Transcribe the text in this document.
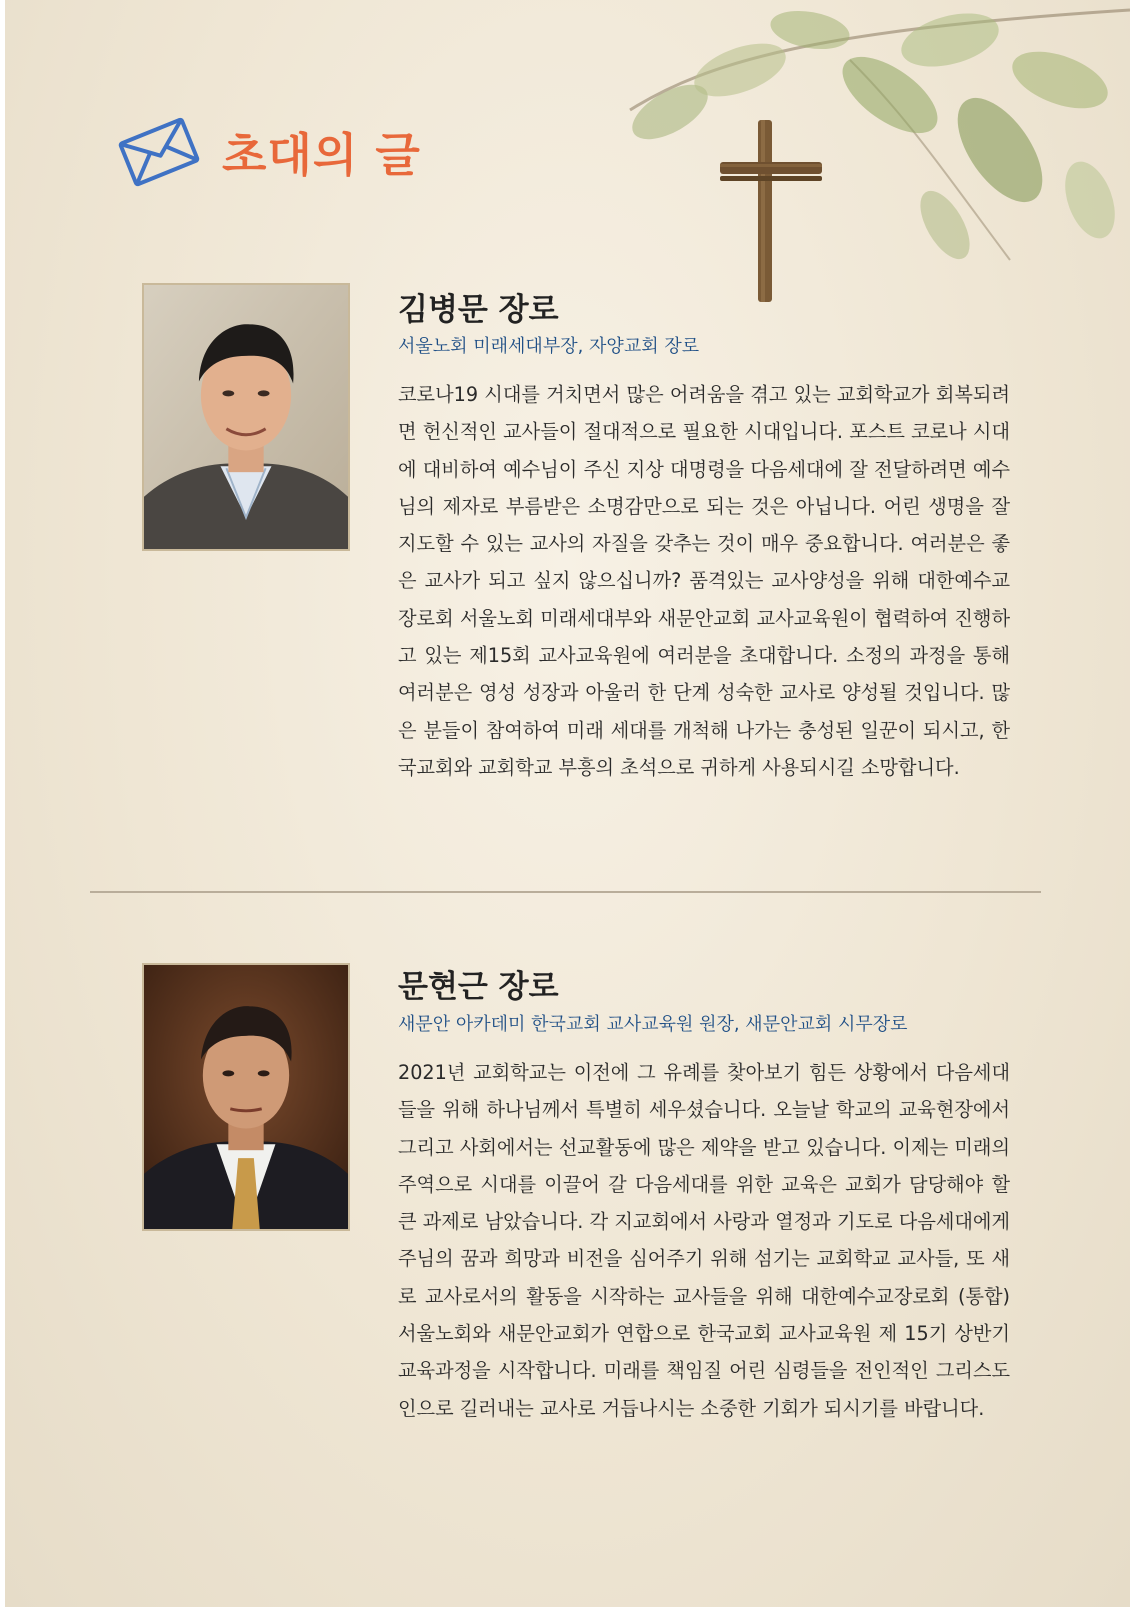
초대의 글
김병문 장로
서울노회 미래세대부장, 자양교회 장로

코로나19 시대를 거치면서 많은 어려움을 겪고 있는 교회학교가 회복되려면 헌신적인 교사들이 절대적으로 필요한 시대입니다. 포스트 코로나 시대에 대비하여 예수님이 주신 지상 대명령을 다음세대에 잘 전달하려면 예수님의 제자로 부름받은 소명감만으로 되는 것은 아닙니다. 어린 생명을 잘 지도할 수 있는 교사의 자질을 갖추는 것이 매우 중요합니다. 여러분은 좋은 교사가 되고 싶지 않으십니까? 품격있는 교사양성을 위해 대한예수교장로회 서울노회 미래세대부와 새문안교회 교사교육원이 협력하여 진행하고 있는 제15회 교사교육원에 여러분을 초대합니다. 소정의 과정을 통해 여러분은 영성 성장과 아울러 한 단계 성숙한 교사로 양성될 것입니다. 많은 분들이 참여하여 미래 세대를 개척해 나가는 충성된 일꾼이 되시고, 한국교회와 교회학교 부흥의 초석으로 귀하게 사용되시길 소망합니다.

문현근 장로
새문안 아카데미 한국교회 교사교육원 원장, 새문안교회 시무장로

2021년 교회학교는 이전에 그 유례를 찾아보기 힘든 상황에서 다음세대들을 위해 하나님께서 특별히 세우셨습니다. 오늘날 학교의 교육현장에서 그리고 사회에서는 선교활동에 많은 제약을 받고 있습니다. 이제는 미래의 주역으로 시대를 이끌어 갈 다음세대를 위한 교육은 교회가 담당해야 할 큰 과제로 남았습니다. 각 지교회에서 사랑과 열정과 기도로 다음세대에게 주님의 꿈과 희망과 비전을 심어주기 위해 섬기는 교회학교 교사들, 또 새로 교사로서의 활동을 시작하는 교사들을 위해 대한예수교장로회 (통합) 서울노회와 새문안교회가 연합으로 한국교회 교사교육원 제 15기 상반기 교육과정을 시작합니다. 미래를 책임질 어린 심령들을 전인적인 그리스도인으로 길러내는 교사로 거듭나시는 소중한 기회가 되시기를 바랍니다.
